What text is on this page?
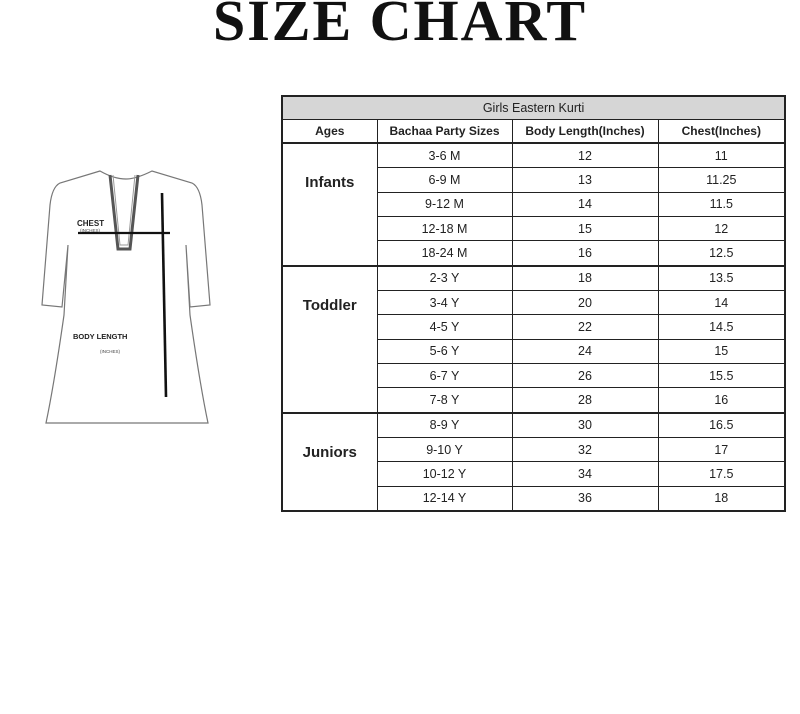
SIZE CHART
CHEST
(INCHES)
BODY LENGTH
(INCHES)
Girls Eastern Kurti			
Ages	Bachaa Party Sizes	Body Length(Inches)	Chest(Inches)
Infants	3-6 M	12	11
	6-9 M	13	11.25
	9-12 M	14	11.5
	12-18 M	15	12
	18-24 M	16	12.5
Toddler	2-3 Y	18	13.5
	3-4 Y	20	14
	4-5 Y	22	14.5
	5-6 Y	24	15
	6-7 Y	26	15.5
	7-8 Y	28	16
Juniors	8-9 Y	30	16.5
	9-10 Y	32	17
	10-12 Y	34	17.5
	12-14 Y	36	18
